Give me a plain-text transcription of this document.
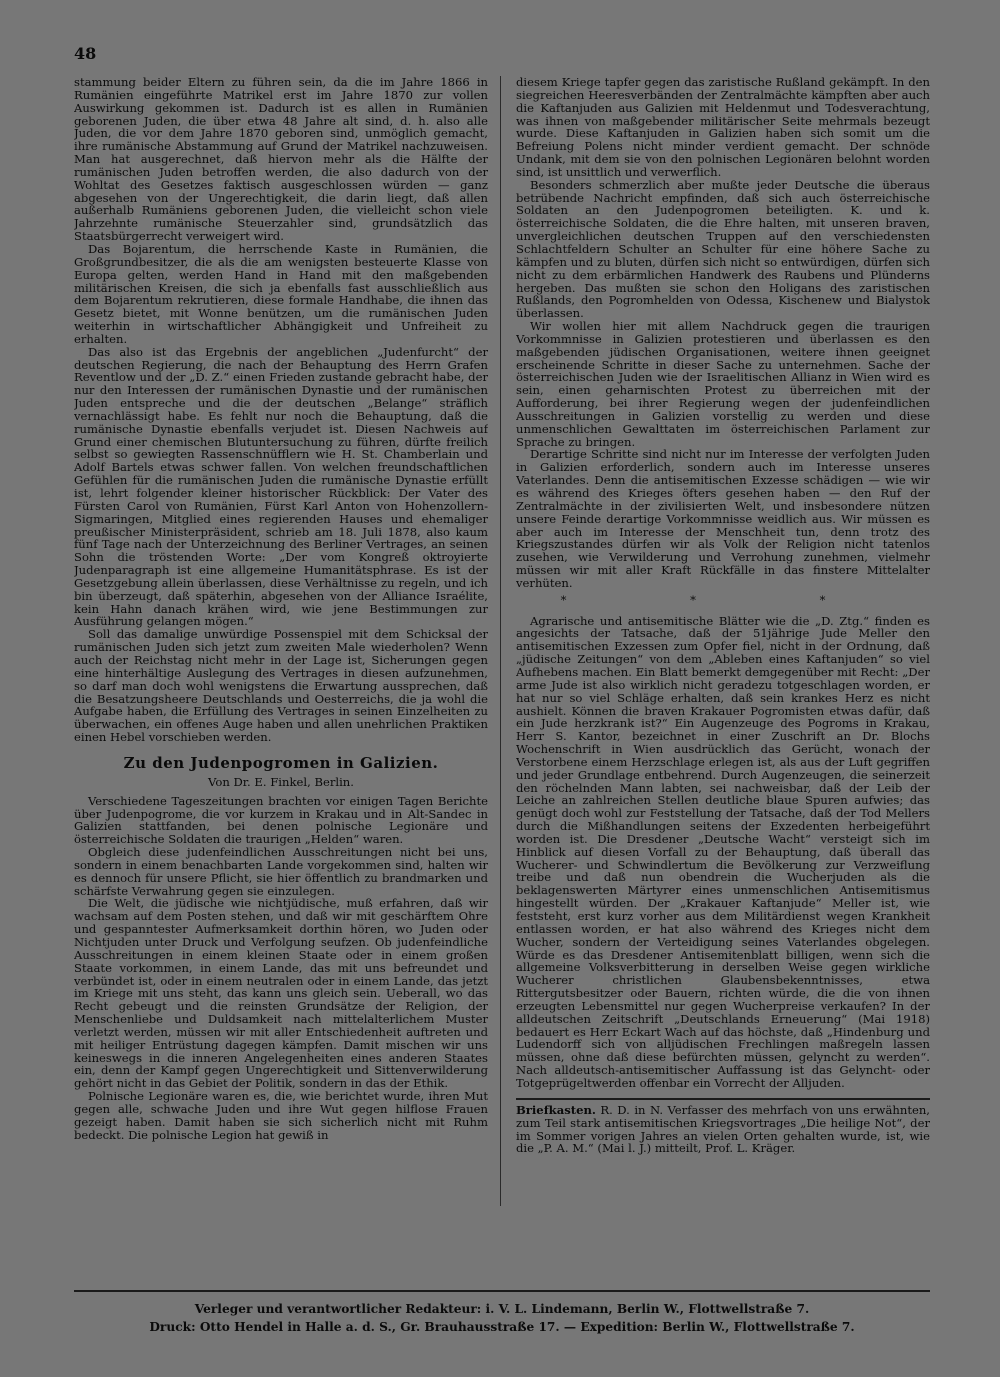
48

stammung beider Eltern zu führen sein, da die im Jahre 1866 in Rumänien eingeführte Matrikel erst im Jahre 1870 zur vollen Auswirkung gekommen ist. Dadurch ist es allen in Rumänien geborenen Juden, die über etwa 48 Jahre alt sind, d. h. also alle Juden, die vor dem Jahre 1870 geboren sind, unmöglich gemacht, ihre rumänische Abstammung auf Grund der Matrikel nachzuweisen. Man hat ausgerechnet, daß hiervon mehr als die Hälfte der rumänischen Juden betroffen werden, die also dadurch von der Wohltat des Gesetzes faktisch ausgeschlossen würden — ganz abgesehen von der Ungerechtigkeit, die darin liegt, daß allen außerhalb Rumäniens geborenen Juden, die vielleicht schon viele Jahrzehnte rumänische Steuerzahler sind, grundsätzlich das Staatsbürgerrecht verweigert wird.

Das Bojarentum, die herrschende Kaste in Rumänien, die Großgrundbesitzer, die als die am wenigsten besteuerte Klasse von Europa gelten, werden Hand in Hand mit den maßgebenden militärischen Kreisen, die sich ja ebenfalls fast ausschließlich aus dem Bojarentum rekrutieren, diese formale Handhabe, die ihnen das Gesetz bietet, mit Wonne benützen, um die rumänischen Juden weiterhin in wirtschaftlicher Abhängigkeit und Unfreiheit zu erhalten.

Das also ist das Ergebnis der angeblichen „Judenfurcht“ der deutschen Regierung, die nach der Behauptung des Herrn Grafen Reventlow und der „D. Z.“ einen Frieden zustande gebracht habe, der nur den Interessen der rumänischen Dynastie und der rumänischen Juden entspreche und die der deutschen „Belange“ sträflich vernachlässigt habe. Es fehlt nur noch die Behauptung, daß die rumänische Dynastie ebenfalls verjudet ist. Diesen Nachweis auf Grund einer chemischen Blutuntersuchung zu führen, dürfte freilich selbst so gewiegten Rassenschnüfflern wie H. St. Chamberlain und Adolf Bartels etwas schwer fallen. Von welchen freundschaftlichen Gefühlen für die rumänischen Juden die rumänische Dynastie erfüllt ist, lehrt folgender kleiner historischer Rückblick: Der Vater des Fürsten Carol von Rumänien, Fürst Karl Anton von Hohenzollern-Sigmaringen, Mitglied eines regierenden Hauses und ehemaliger preußischer Ministerpräsident, schrieb am 18. Juli 1878, also kaum fünf Tage nach der Unterzeichnung des Berliner Vertrages, an seinen Sohn die tröstenden Worte: „Der vom Kongreß oktroyierte Judenparagraph ist eine allgemeine Humanitätsphrase. Es ist der Gesetzgebung allein überlassen, diese Verhältnisse zu regeln, und ich bin überzeugt, daß späterhin, abgesehen von der Alliance Israélite, kein Hahn danach krähen wird, wie jene Bestimmungen zur Ausführung gelangen mögen.“

Soll das damalige unwürdige Possenspiel mit dem Schicksal der rumänischen Juden sich jetzt zum zweiten Male wiederholen? Wenn auch der Reichstag nicht mehr in der Lage ist, Sicherungen gegen eine hinterhältige Auslegung des Vertrages in diesen aufzunehmen, so darf man doch wohl wenigstens die Erwartung aussprechen, daß die Besatzungsheere Deutschlands und Oesterreichs, die ja wohl die Aufgabe haben, die Erfüllung des Vertrages in seinen Einzelheiten zu überwachen, ein offenes Auge haben und allen unehrlichen Praktiken einen Hebel vorschieben werden.

Zu den Judenpogromen in Galizien.
Von Dr. E. Finkel, Berlin.

Verschiedene Tageszeitungen brachten vor einigen Tagen Berichte über Judenpogrome, die vor kurzem in Krakau und in Alt-Sandec in Galizien stattfanden, bei denen polnische Legionäre und österreichische Soldaten die traurigen „Helden“ waren.

Obgleich diese judenfeindlichen Ausschreitungen nicht bei uns, sondern in einem benachbarten Lande vorgekommen sind, halten wir es dennoch für unsere Pflicht, sie hier öffentlich zu brandmarken und schärfste Verwahrung gegen sie einzulegen.

Die Welt, die jüdische wie nichtjüdische, muß erfahren, daß wir wachsam auf dem Posten stehen, und daß wir mit geschärftem Ohre und gespanntester Aufmerksamkeit dorthin hören, wo Juden oder Nichtjuden unter Druck und Verfolgung seufzen. Ob judenfeindliche Ausschreitungen in einem kleinen Staate oder in einem großen Staate vorkommen, in einem Lande, das mit uns befreundet und verbündet ist, oder in einem neutralen oder in einem Lande, das jetzt im Kriege mit uns steht, das kann uns gleich sein. Ueberall, wo das Recht gebeugt und die reinsten Grundsätze der Religion, der Menschenliebe und Duldsamkeit nach mittelalterlichem Muster verletzt werden, müssen wir mit aller Entschiedenheit auftreten und mit heiliger Entrüstung dagegen kämpfen. Damit mischen wir uns keineswegs in die inneren Angelegenheiten eines anderen Staates ein, denn der Kampf gegen Ungerechtigkeit und Sittenverwilderung gehört nicht in das Gebiet der Politik, sondern in das der Ethik.

Polnische Legionäre waren es, die, wie berichtet wurde, ihren Mut gegen alle, schwache Juden und ihre Wut gegen hilflose Frauen gezeigt haben. Damit haben sie sich sicherlich nicht mit Ruhm bedeckt. Die polnische Legion hat gewiß in

diesem Kriege tapfer gegen das zaristische Rußland gekämpft. In den siegreichen Heeresverbänden der Zentralmächte kämpften aber auch die Kaftanjuden aus Galizien mit Heldenmut und Todesverachtung, was ihnen von maßgebender militärischer Seite mehrmals bezeugt wurde. Diese Kaftanjuden in Galizien haben sich somit um die Befreiung Polens nicht minder verdient gemacht. Der schnöde Undank, mit dem sie von den polnischen Legionären belohnt worden sind, ist unsittlich und verwerflich.

Besonders schmerzlich aber mußte jeder Deutsche die überaus betrübende Nachricht empfinden, daß sich auch österreichische Soldaten an den Judenpogromen beteiligten. K. und k. österreichische Soldaten, die die Ehre halten, mit unseren braven, unvergleichlichen deutschen Truppen auf den verschiedensten Schlachtfeldern Schulter an Schulter für eine höhere Sache zu kämpfen und zu bluten, dürfen sich nicht so entwürdigen, dürfen sich nicht zu dem erbärmlichen Handwerk des Raubens und Plünderns hergeben. Das mußten sie schon den Holigans des zaristischen Rußlands, den Pogromhelden von Odessa, Kischenew und Bialystok überlassen.

Wir wollen hier mit allem Nachdruck gegen die traurigen Vorkommnisse in Galizien protestieren und überlassen es den maßgebenden jüdischen Organisationen, weitere ihnen geeignet erscheinende Schritte in dieser Sache zu unternehmen. Sache der österreichischen Juden wie der Israelitischen Allianz in Wien wird es sein, einen geharnischten Protest zu überreichen mit der Aufforderung, bei ihrer Regierung wegen der judenfeindlichen Ausschreitungen in Galizien vorstellig zu werden und diese unmenschlichen Gewalttaten im österreichischen Parlament zur Sprache zu bringen.

Derartige Schritte sind nicht nur im Interesse der verfolgten Juden in Galizien erforderlich, sondern auch im Interesse unseres Vaterlandes. Denn die antisemitischen Exzesse schädigen — wie wir es während des Krieges öfters gesehen haben — den Ruf der Zentralmächte in der zivilisierten Welt, und insbesondere nützen unsere Feinde derartige Vorkommnisse weidlich aus. Wir müssen es aber auch im Interesse der Menschheit tun, denn trotz des Kriegszustandes dürfen wir als Volk der Religion nicht tatenlos zusehen, wie Verwilderung und Verrohung zunehmen, vielmehr müssen wir mit aller Kraft Rückfälle in das finstere Mittelalter verhüten.

* * *

Agrarische und antisemitische Blätter wie die „D. Ztg.“ finden es angesichts der Tatsache, daß der 51jährige Jude Meller den antisemitischen Exzessen zum Opfer fiel, nicht in der Ordnung, daß „jüdische Zeitungen“ von dem „Ableben eines Kaftanjuden“ so viel Aufhebens machen. Ein Blatt bemerkt demgegenüber mit Recht: „Der arme Jude ist also wirklich nicht geradezu totgeschlagen worden, er hat nur so viel Schläge erhalten, daß sein krankes Herz es nicht aushielt. Können die braven Krakauer Pogromisten etwas dafür, daß ein Jude herzkrank ist?“ Ein Augenzeuge des Pogroms in Krakau, Herr S. Kantor, bezeichnet in einer Zuschrift an Dr. Blochs Wochenschrift in Wien ausdrücklich das Gerücht, wonach der Verstorbene einem Herzschlage erlegen ist, als aus der Luft gegriffen und jeder Grundlage entbehrend. Durch Augenzeugen, die seinerzeit den röchelnden Mann labten, sei nachweisbar, daß der Leib der Leiche an zahlreichen Stellen deutliche blaue Spuren aufwies; das genügt doch wohl zur Feststellung der Tatsache, daß der Tod Mellers durch die Mißhandlungen seitens der Exzedenten herbeigeführt worden ist. Die Dresdener „Deutsche Wacht“ versteigt sich im Hinblick auf diesen Vorfall zu der Behauptung, daß überall das Wucherer- und Schwindlertum die Bevölkerung zur Verzweiflung treibe und daß nun obendrein die Wucherjuden als die beklagenswerten Märtyrer eines unmenschlichen Antisemitismus hingestellt würden. Der „Krakauer Kaftanjude“ Meller ist, wie feststeht, erst kurz vorher aus dem Militärdienst wegen Krankheit entlassen worden, er hat also während des Krieges nicht dem Wucher, sondern der Verteidigung seines Vaterlandes obgelegen. Würde es das Dresdener Antisemitenblatt billigen, wenn sich die allgemeine Volksverbitterung in derselben Weise gegen wirkliche Wucherer christlichen Glaubensbekenntnisses, etwa Rittergutsbesitzer oder Bauern, richten würde, die die von ihnen erzeugten Lebensmittel nur gegen Wucherpreise verkaufen? In der alldeutschen Zeitschrift „Deutschlands Erneuerung“ (Mai 1918) bedauert es Herr Eckart Wach auf das höchste, daß „Hindenburg und Ludendorff sich von alljüdischen Frechlingen maßregeln lassen müssen, ohne daß diese befürchten müssen, gelyncht zu werden“. Nach alldeutsch-antisemitischer Auffassung ist das Gelyncht- oder Totgeprügeltwerden offenbar ein Vorrecht der Alljuden.

Briefkasten. R. D. in N. Verfasser des mehrfach von uns erwähnten, zum Teil stark antisemitischen Kriegsvortrages „Die heilige Not“, der im Sommer vorigen Jahres an vielen Orten gehalten wurde, ist, wie die „P. A. M.“ (Mai l. J.) mitteilt, Prof. L. Kräger.
Verleger und verantwortlicher Redakteur: i. V. L. Lindemann, Berlin W., Flottwellstraße 7.
Druck: Otto Hendel in Halle a. d. S., Gr. Brauhausstraße 17. — Expedition: Berlin W., Flottwellstraße 7.
